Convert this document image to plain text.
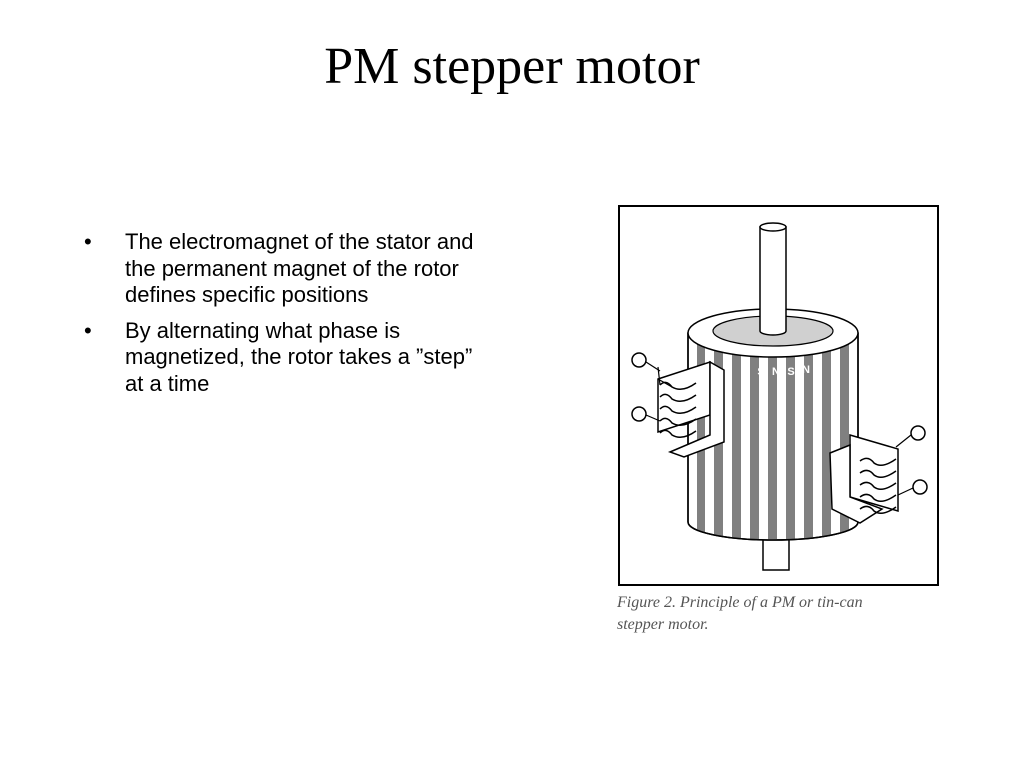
PM stepper motor
• The electromagnet of the stator and the permanent magnet of the rotor defines specific positions
• By alternating what phase is magnetized, the rotor takes a ”step” at a time
N S N S N

Figure 2. Principle of a PM or tin-can
stepper motor.
